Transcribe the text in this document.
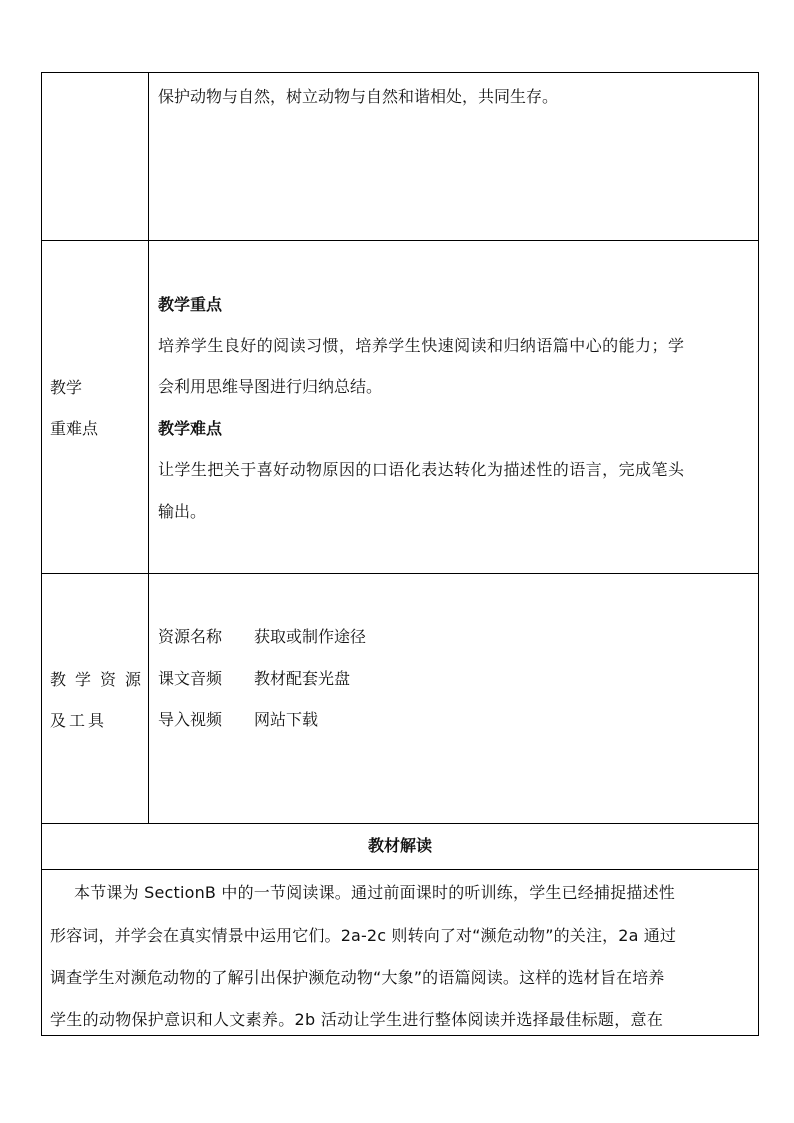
保护动物与自然，树立动物与自然和谐相处，共同生存。
教学
重难点
教学重点
培养学生良好的阅读习惯，培养学生快速阅读和归纳语篇中心的能力；学
会利用思维导图进行归纳总结。
教学难点
让学生把关于喜好动物原因的口语化表达转化为描述性的语言，完成笔头
输出。
教学资源
及工具
资源名称 获取或制作途径
课文音频 教材配套光盘
导入视频 网站下载
教材解读
本节课为 SectionB 中的一节阅读课。通过前面课时的听训练，学生已经捕捉描述性
形容词，并学会在真实情景中运用它们。2a-2c 则转向了对“濒危动物”的关注，2a 通过
调查学生对濒危动物的了解引出保护濒危动物“大象”的语篇阅读。这样的选材旨在培养
学生的动物保护意识和人文素养。2b 活动让学生进行整体阅读并选择最佳标题，意在
